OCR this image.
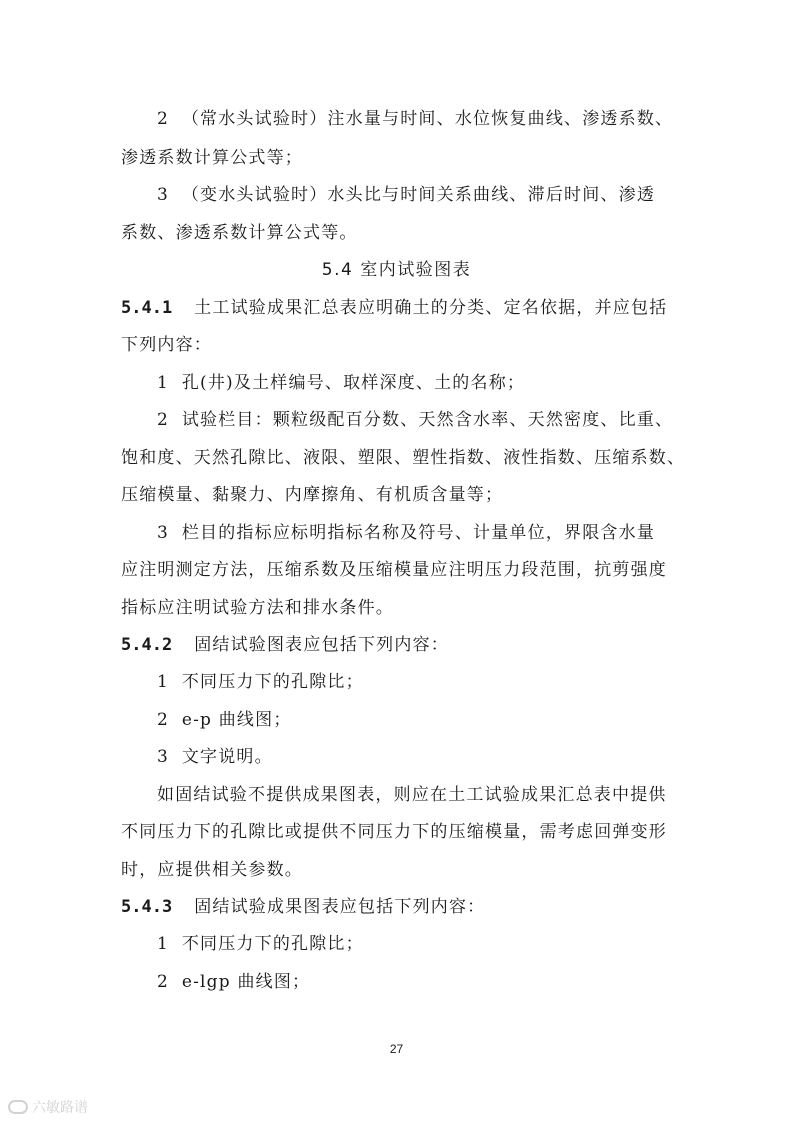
2 （常水头试验时）注水量与时间、水位恢复曲线、渗透系数、
渗透系数计算公式等；
3 （变水头试验时）水头比与时间关系曲线、滞后时间、渗透
系数、渗透系数计算公式等。
5.4 室内试验图表
5.4.1 土工试验成果汇总表应明确土的分类、定名依据，并应包括
下列内容：
1 孔(井)及土样编号、取样深度、土的名称；
2 试验栏目：颗粒级配百分数、天然含水率、天然密度、比重、
饱和度、天然孔隙比、液限、塑限、塑性指数、液性指数、压缩系数、
压缩模量、黏聚力、内摩擦角、有机质含量等；
3 栏目的指标应标明指标名称及符号、计量单位，界限含水量
应注明测定方法，压缩系数及压缩模量应注明压力段范围，抗剪强度
指标应注明试验方法和排水条件。
5.4.2 固结试验图表应包括下列内容：
1 不同压力下的孔隙比；
2 e-p 曲线图；
3 文字说明。
如固结试验不提供成果图表，则应在土工试验成果汇总表中提供
不同压力下的孔隙比或提供不同压力下的压缩模量，需考虑回弹变形
时，应提供相关参数。
5.4.3 固结试验成果图表应包括下列内容：
1 不同压力下的孔隙比；
2 e-lgp 曲线图；
27
六敏路谱
